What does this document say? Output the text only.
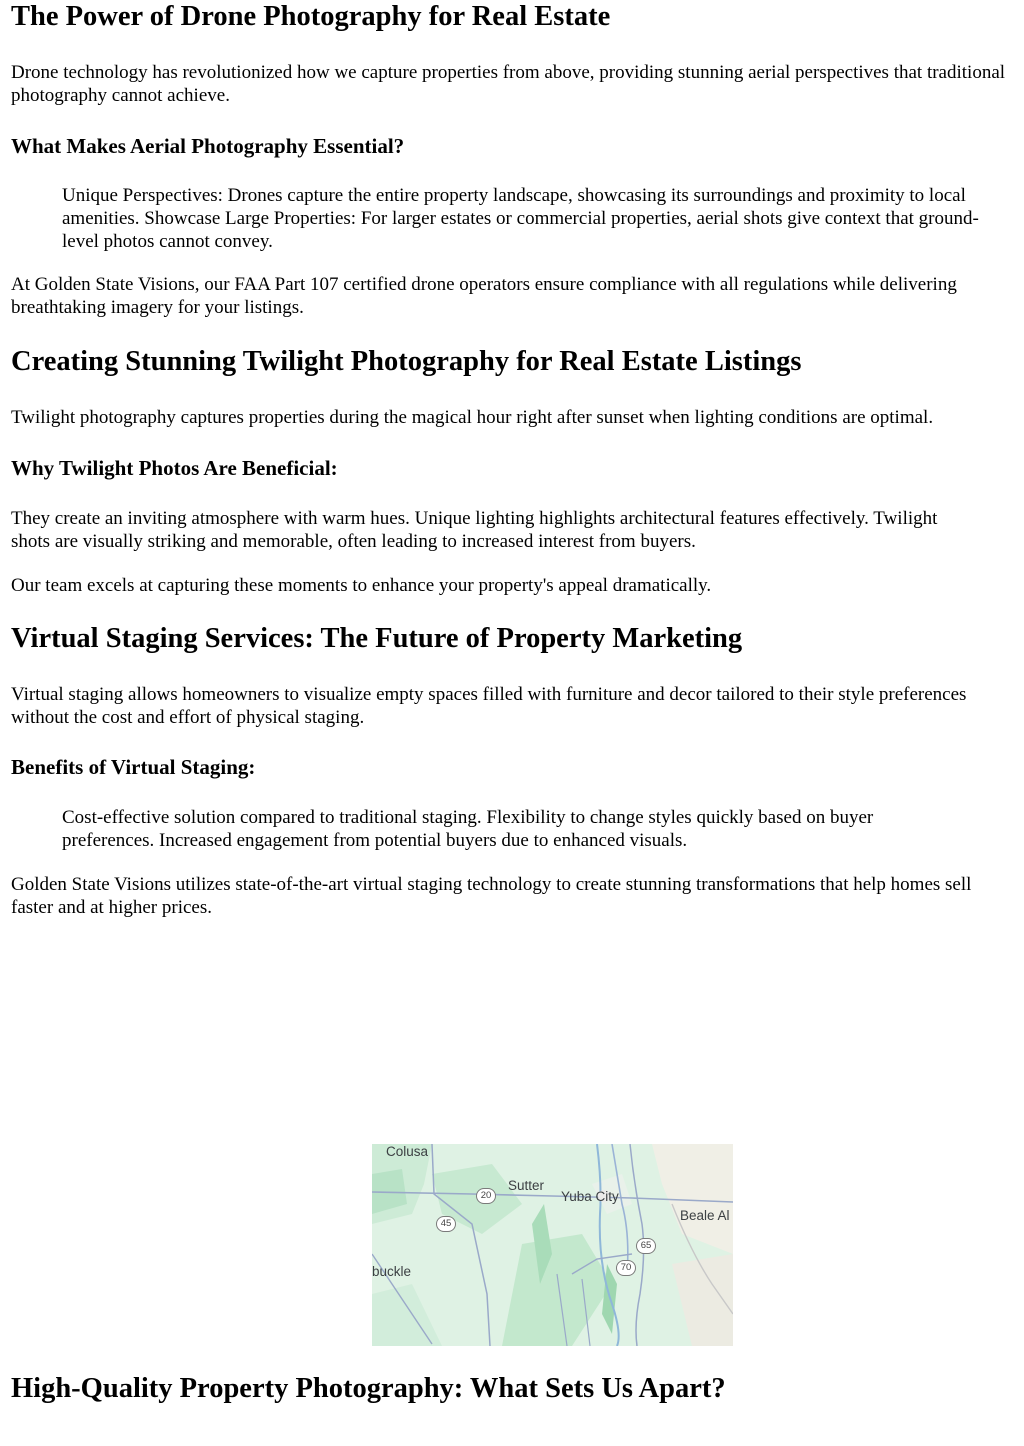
The Power of Drone Photography for Real Estate

Drone technology has revolutionized how we capture properties from above, providing stunning aerial perspectives that traditional photography cannot achieve.

What Makes Aerial Photography Essential?
Unique Perspectives: Drones capture the entire property landscape, showcasing its surroundings and proximity to local amenities. Showcase Large Properties: For larger estates or commercial properties, aerial shots give context that ground-level photos cannot convey.

At Golden State Visions, our FAA Part 107 certified drone operators ensure compliance with all regulations while delivering breathtaking imagery for your listings.

Creating Stunning Twilight Photography for Real Estate Listings

Twilight photography captures properties during the magical hour right after sunset when lighting conditions are optimal.

Why Twilight Photos Are Beneficial:

They create an inviting atmosphere with warm hues. Unique lighting highlights architectural features effectively. Twilight shots are visually striking and memorable, often leading to increased interest from buyers.

Our team excels at capturing these moments to enhance your property's appeal dramatically.

Virtual Staging Services: The Future of Property Marketing

Virtual staging allows homeowners to visualize empty spaces filled with furniture and decor tailored to their style preferences without the cost and effort of physical staging.

Benefits of Virtual Staging:
Cost-effective solution compared to traditional staging. Flexibility to change styles quickly based on buyer preferences. Increased engagement from potential buyers due to enhanced visuals.

Golden State Visions utilizes state-of-the-art virtual staging technology to create stunning transformations that help homes sell faster and at higher prices.

Colusa
Sutter
Yuba City
Beale Al
buckle
20
45
65
70
High-Quality Property Photography: What Sets Us Apart?
